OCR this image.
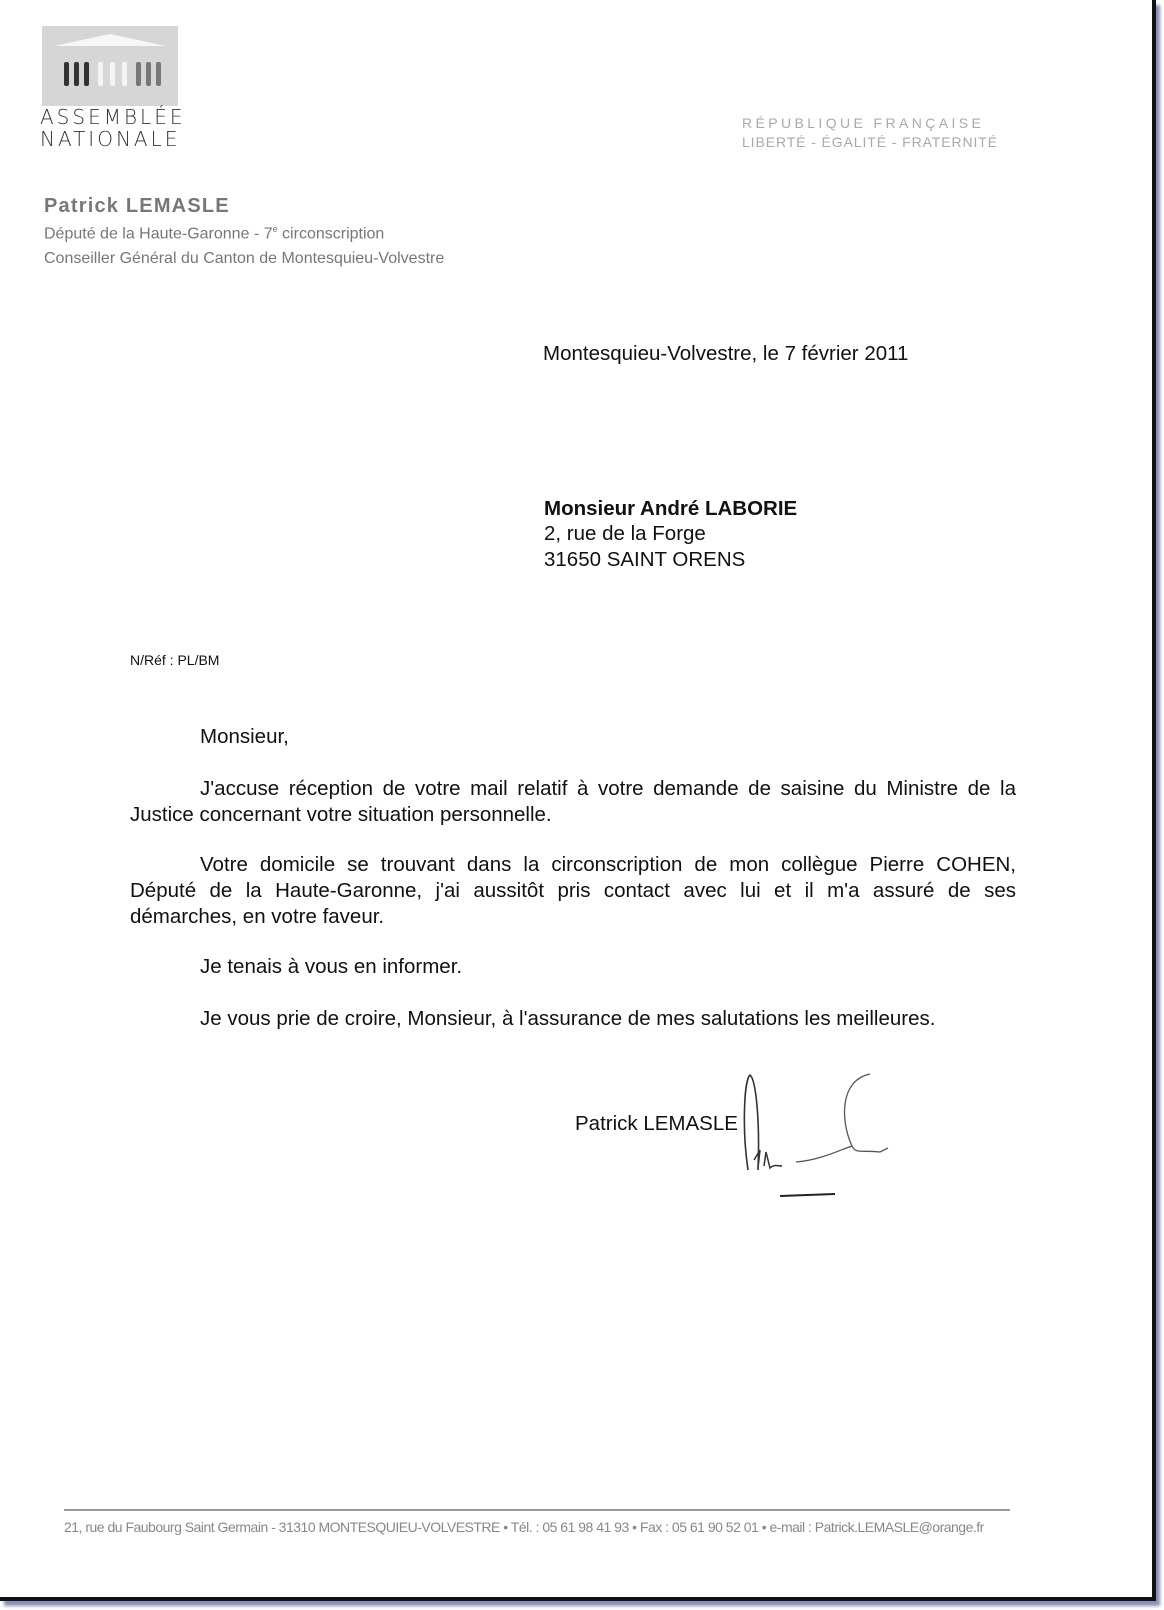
ASSEMBLÉE
NATIONALE
RÉPUBLIQUE FRANÇAISE
LIBERTÉ - ÉGALITÉ - FRATERNITÉ
Patrick LEMASLE
Député de la Haute-Garonne - 7e circonscription
Conseiller Général du Canton de Montesquieu-Volvestre
Montesquieu-Volvestre, le 7 février 2011
Monsieur André LABORIE
2, rue de la Forge
31650 SAINT ORENS
N/Réf : PL/BM
Monsieur,
J'accuse réception de votre mail relatif à votre demande de saisine du Ministre de la
Justice concernant votre situation personnelle.
Votre domicile se trouvant dans la circonscription de mon collègue Pierre COHEN,
Député de la Haute-Garonne, j'ai aussitôt pris contact avec lui et il m'a assuré de ses
démarches, en votre faveur.
Je tenais à vous en informer.
Je vous prie de croire, Monsieur, à l'assurance de mes salutations les meilleures.
Patrick LEMASLE
21, rue du Faubourg Saint Germain - 31310 MONTESQUIEU-VOLVESTRE • Tél. : 05 61 98 41 93 • Fax : 05 61 90 52 01 • e-mail : Patrick.LEMASLE@orange.fr
